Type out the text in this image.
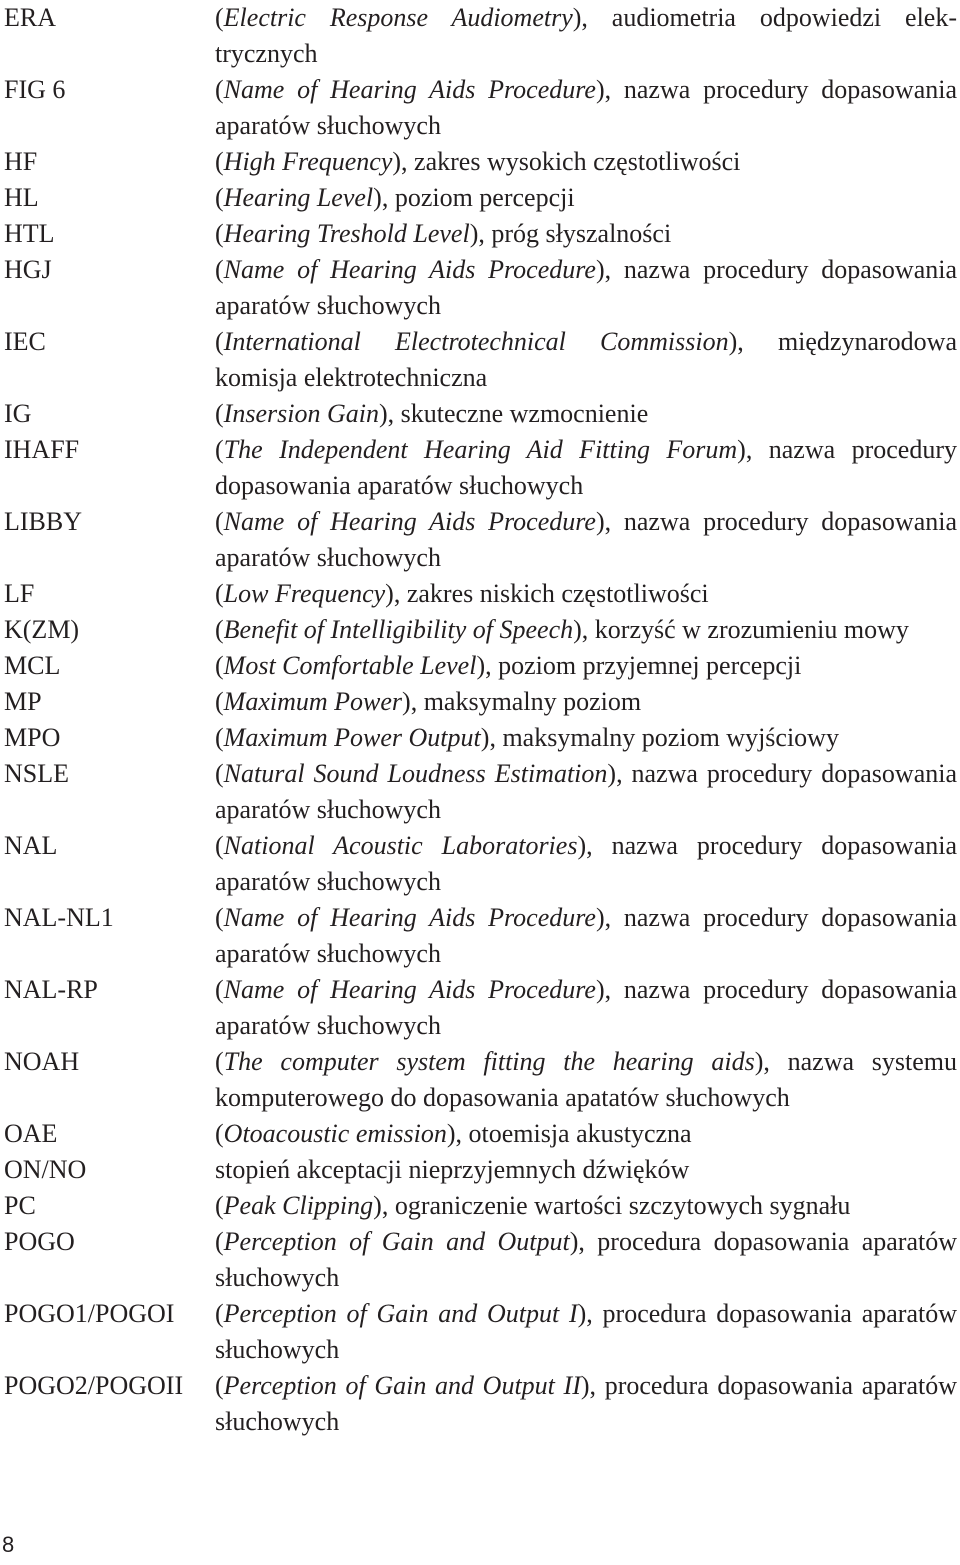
ERA	(Electric Response Audiometry), audiometria odpowiedzi elektrycznych
FIG 6	(Name of Hearing Aids Procedure), nazwa procedury dopasowania aparatów słuchowych
HF	(High Frequency), zakres wysokich częstotliwości
HL	(Hearing Level), poziom percepcji
HTL	(Hearing Treshold Level), próg słyszalności
HGJ	(Name of Hearing Aids Procedure), nazwa procedury dopasowania aparatów słuchowych
IEC	(International Electrotechnical Commission), międzynarodowa komisja elektrotechniczna
IG	(Insersion Gain), skuteczne wzmocnienie
IHAFF	(The Independent Hearing Aid Fitting Forum), nazwa procedury dopasowania aparatów słuchowych
LIBBY	(Name of Hearing Aids Procedure), nazwa procedury dopasowania aparatów słuchowych
LF	(Low Frequency), zakres niskich częstotliwości
K(ZM)	(Benefit of Intelligibility of Speech), korzyść w zrozumieniu mowy
MCL	(Most Comfortable Level), poziom przyjemnej percepcji
MP	(Maximum Power), maksymalny poziom
MPO	(Maximum Power Output), maksymalny poziom wyjściowy
NSLE	(Natural Sound Loudness Estimation), nazwa procedury dopasowania aparatów słuchowych
NAL	(National Acoustic Laboratories), nazwa procedury dopasowania aparatów słuchowych
NAL-NL1	(Name of Hearing Aids Procedure), nazwa procedury dopasowania aparatów słuchowych
NAL-RP	(Name of Hearing Aids Procedure), nazwa procedury dopasowania aparatów słuchowych
NOAH	(The computer system fitting the hearing aids), nazwa systemu komputerowego do dopasowania apatatów słuchowych
OAE	(Otoacoustic emission), otoemisja akustyczna
ON/NO	stopień akceptacji nieprzyjemnych dźwięków
PC	(Peak Clipping), ograniczenie wartości szczytowych sygnału
POGO	(Perception of Gain and Output), procedura dopasowania aparatów słuchowych
POGO1/POGOI	(Perception of Gain and Output I), procedura dopasowania aparatów słuchowych
POGO2/POGOII	(Perception of Gain and Output II), procedura dopasowania aparatów słuchowych
8
